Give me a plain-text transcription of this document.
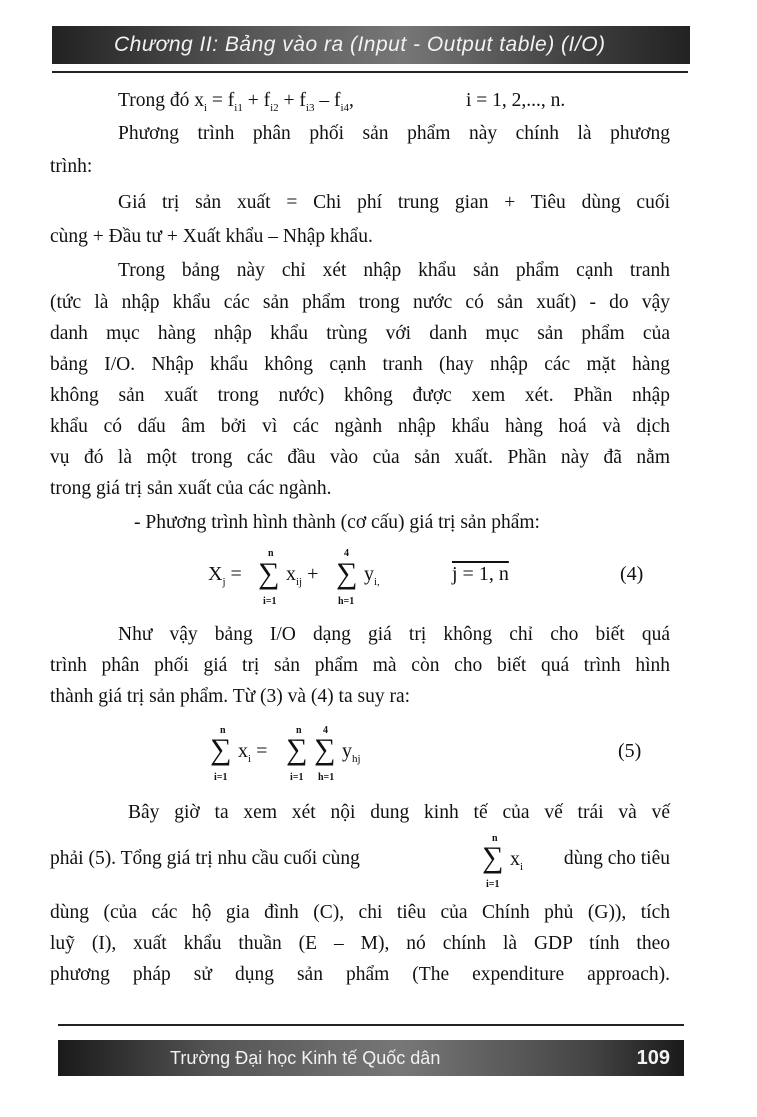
Chương II: Bảng vào ra (Input - Output table) (I/O)
Trong đó $x_i = f_{i1} + f_{i2} + f_{i3} - f_{i4}$,	i = 1, 2,..., n.
Phương trình phân phối sản phẩm này chính là phương
trình:
Giá trị sản xuất = Chi phí trung gian + Tiêu dùng cuối
cùng + Đầu tư + Xuất khẩu – Nhập khẩu.
Trong bảng này chỉ xét nhập khẩu sản phẩm cạnh tranh
(tức là nhập khẩu các sản phẩm trong nước có sản xuất) - do vậy
danh mục hàng nhập khẩu trùng với danh mục sản phẩm của
bảng I/O. Nhập khẩu không cạnh tranh (hay nhập các mặt hàng
không sản xuất trong nước) không được xem xét. Phần nhập
khẩu có dấu âm bởi vì các ngành nhập khẩu hàng hoá và dịch
vụ đó là một trong các đầu vào của sản xuất. Phần này đã nằm
trong giá trị sản xuất của các ngành.
- Phương trình hình thành (cơ cấu) giá trị sản phẩm:
$X_j$ =
n
∑
i=1
$x_{ij}$ +
4
∑
h=1
$y_{i,}$	j = 1, n	(4)
Như vậy bảng I/O dạng giá trị không chỉ cho biết quá
trình phân phối giá trị sản phẩm mà còn cho biết quá trình hình
thành giá trị sản phẩm. Từ (3) và (4) ta suy ra:
n
∑
i=1
$x_i$ =
n
∑
i=1
4
∑
h=1
$y_{hj}$	(5)
Bây giờ ta xem xét nội dung kinh tế của vế trái và vế
phải (5). Tổng giá trị nhu cầu cuối cùng
n
∑
i=1
$x_i$	dùng cho tiêu
dùng (của các hộ gia đình (C), chi tiêu của Chính phủ (G)), tích
luỹ (I), xuất khẩu thuần (E – M), nó chính là GDP tính theo
phương pháp sử dụng sản phẩm (The expenditure approach).
Trường Đại học Kinh tế Quốc dân	109
